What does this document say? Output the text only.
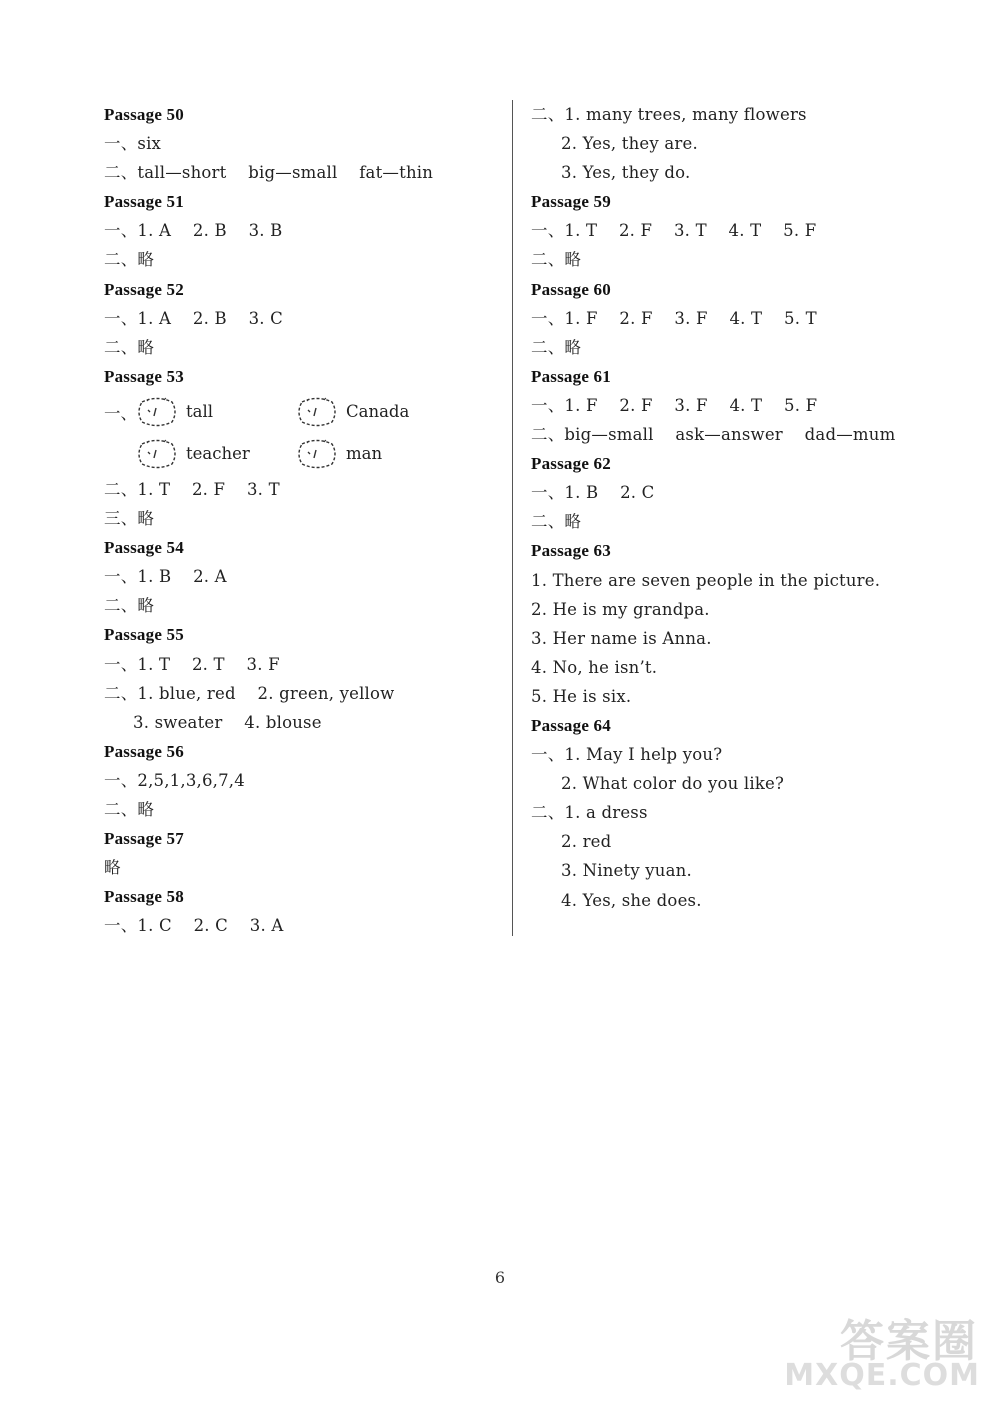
Passage 50
一、six
二、tall—short    big—small    fat—thin
Passage 51
一、1. A    2. B    3. B
二、略
Passage 52
一、1. A    2. B    3. C
二、略
Passage 53
一、	tall	Canada
teacher	man
二、1. T    2. F    3. T
三、略
Passage 54
一、1. B    2. A
二、略
Passage 55
一、1. T    2. T    3. F
二、1. blue, red    2. green, yellow
3. sweater    4. blouse
Passage 56
一、2,5,1,3,6,7,4
二、略
Passage 57
略
Passage 58
一、1. C    2. C    3. A
二、1. many trees, many flowers
2. Yes, they are.
3. Yes, they do.
Passage 59
一、1. T    2. F    3. T    4. T    5. F
二、略
Passage 60
一、1. F    2. F    3. F    4. T    5. T
二、略
Passage 61
一、1. F    2. F    3. F    4. T    5. F
二、big—small    ask—answer    dad—mum
Passage 62
一、1. B    2. C
二、略
Passage 63
1. There are seven people in the picture.
2. He is my grandpa.
3. Her name is Anna.
4. No, he isn’t.
5. He is six.
Passage 64
一、1. May I help you?
2. What color do you like?
二、1. a dress
2. red
3. Ninety yuan.
4. Yes, she does.
6
答案圈
MXQE.COM
